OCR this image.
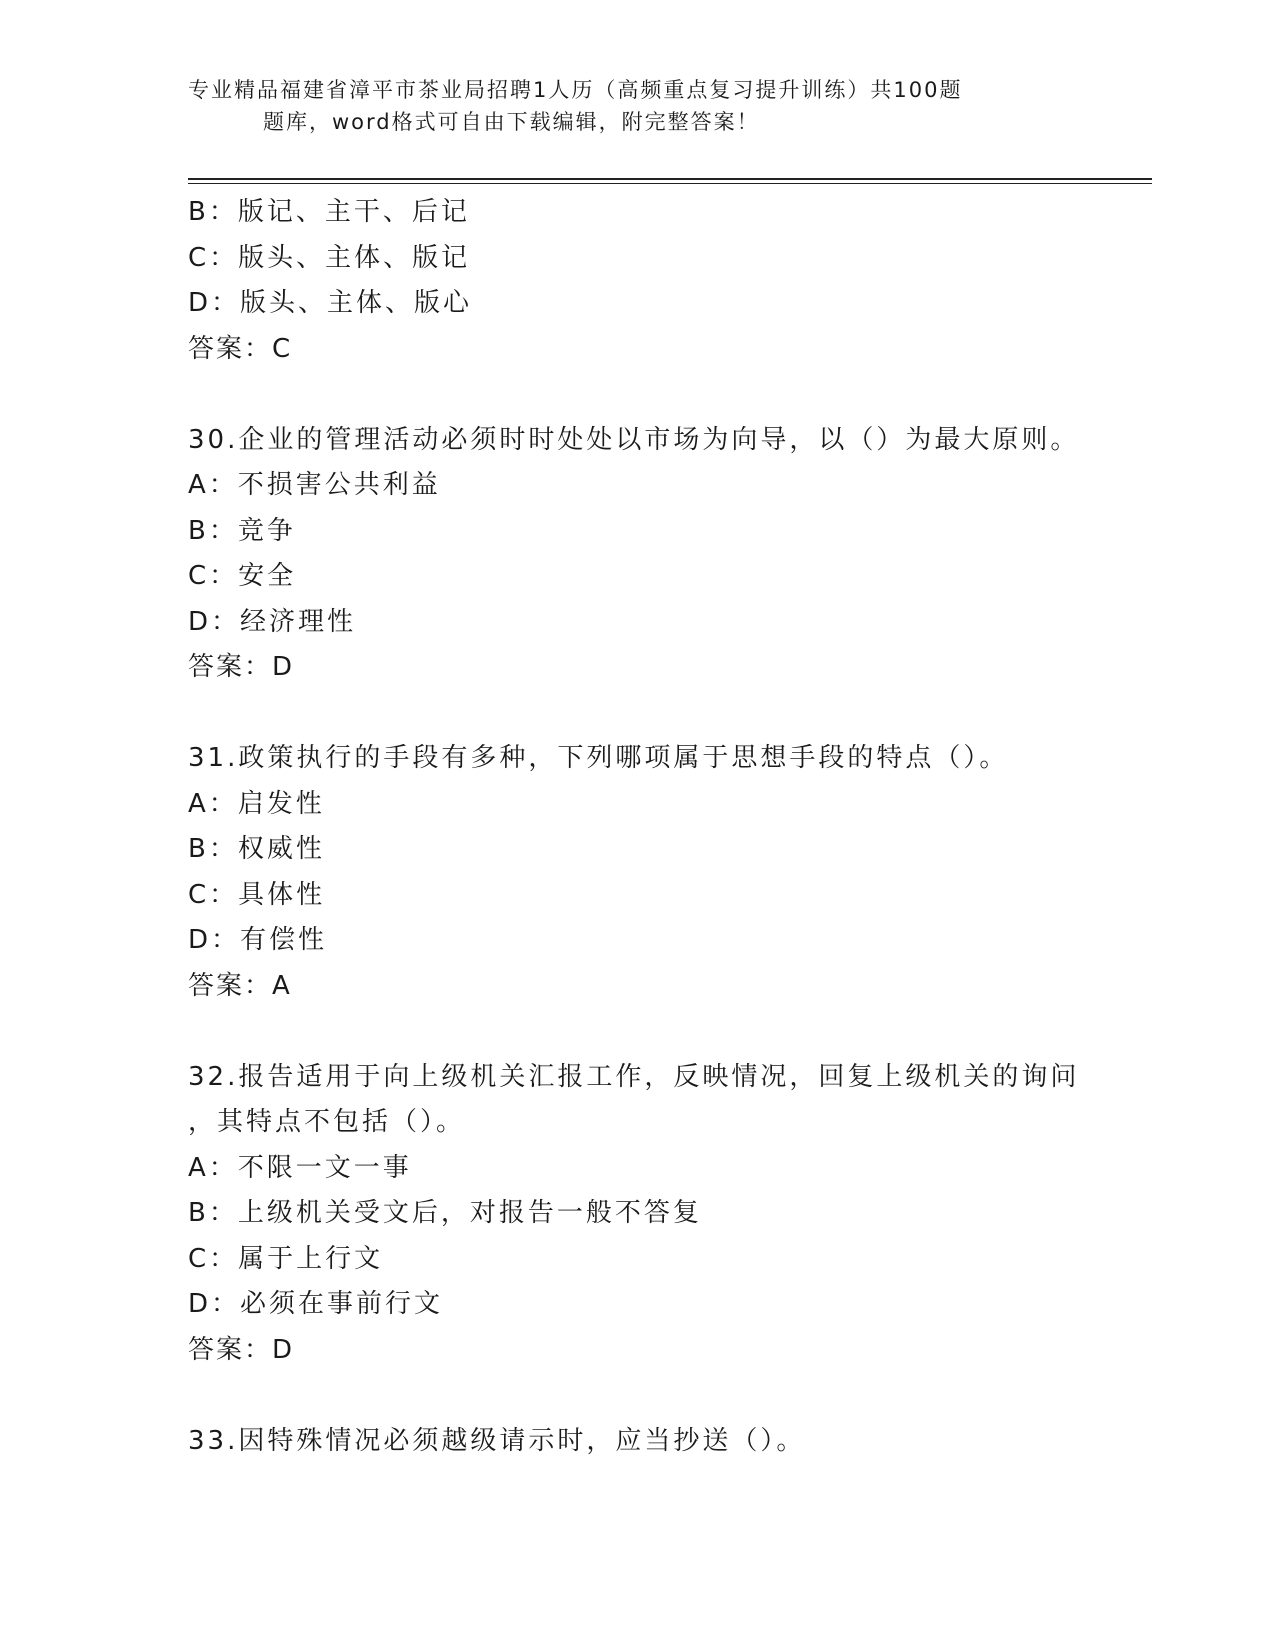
专业精品福建省漳平市茶业局招聘1人历（高频重点复习提升训练）共100题
题库，word格式可自由下载编辑，附完整答案！
B：版记、主干、后记
C：版头、主体、版记
D：版头、主体、版心
答案：C
30.企业的管理活动必须时时处处以市场为向导，以（）为最大原则。
A：不损害公共利益
B：竞争
C：安全
D：经济理性
答案：D
31.政策执行的手段有多种，下列哪项属于思想手段的特点（）。
A：启发性
B：权威性
C：具体性
D：有偿性
答案：A
32.报告适用于向上级机关汇报工作，反映情况，回复上级机关的询问
，其特点不包括（）。
A：不限一文一事
B：上级机关受文后，对报告一般不答复
C：属于上行文
D：必须在事前行文
答案：D
33.因特殊情况必须越级请示时，应当抄送（）。
